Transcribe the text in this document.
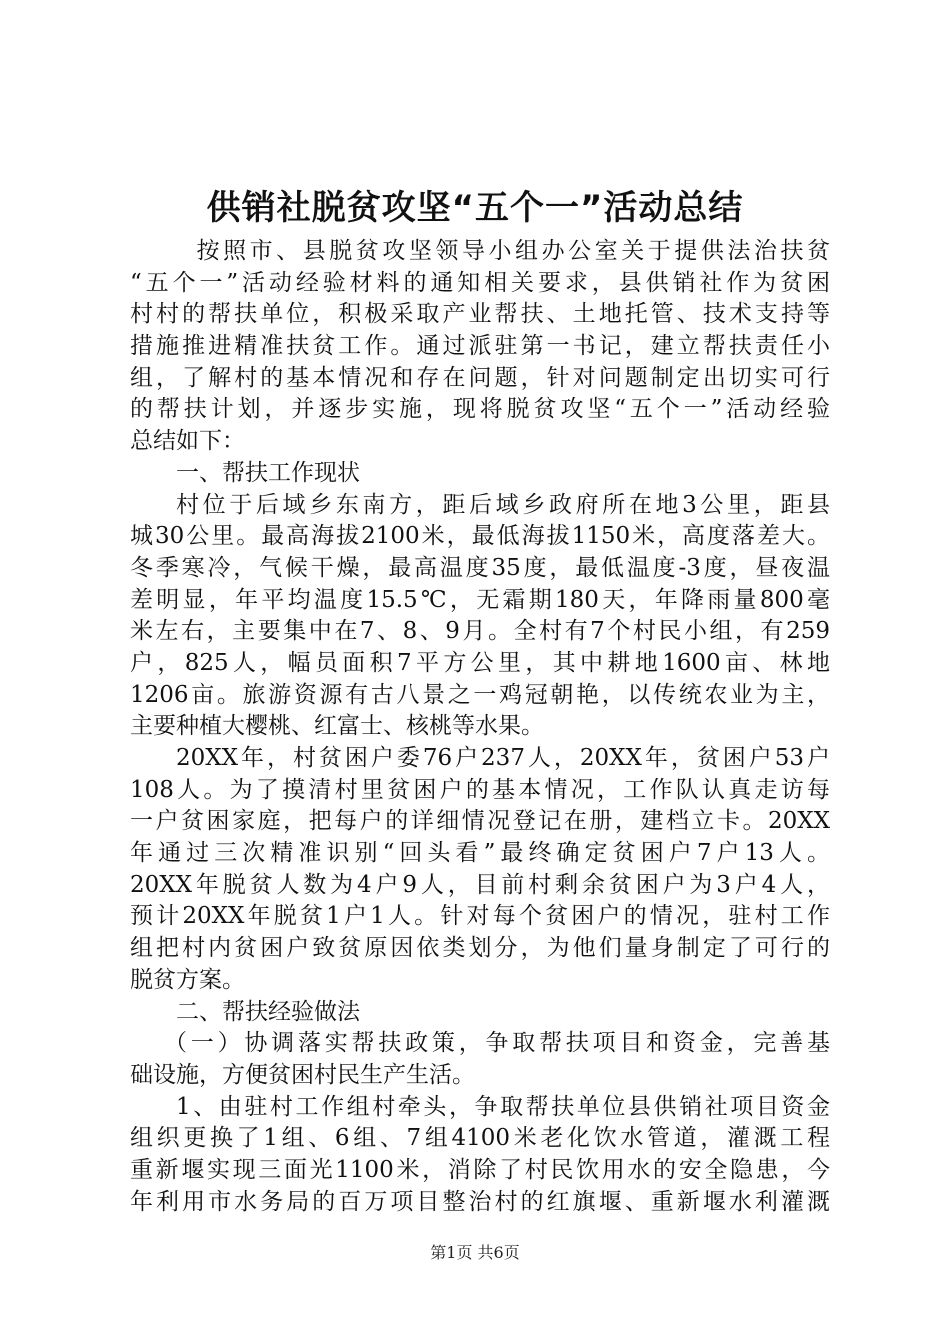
供销社脱贫攻坚“五个一”活动总结
　按照市、县脱贫攻坚领导小组办公室关于提供法治扶贫
“五个一”活动经验材料的通知相关要求，县供销社作为贫困
村村的帮扶单位，积极采取产业帮扶、土地托管、技术支持等
措施推进精准扶贫工作。通过派驻第一书记，建立帮扶责任小
组，了解村的基本情况和存在问题，针对问题制定出切实可行
的帮扶计划，并逐步实施，现将脱贫攻坚“五个一”活动经验
总结如下：
一、帮扶工作现状
村位于后域乡东南方，距后域乡政府所在地3公里，距县
城30公里。最高海拔2100米，最低海拔1150米，高度落差大。
冬季寒冷，气候干燥，最高温度35度，最低温度-3度，昼夜温
差明显，年平均温度15.5℃，无霜期180天，年降雨量800毫
米左右，主要集中在7、8、9月。全村有7个村民小组，有259
户，825人，幅员面积7平方公里，其中耕地1600亩、林地
1206亩。旅游资源有古八景之一鸡冠朝艳，以传统农业为主，
主要种植大樱桃、红富士、核桃等水果。
20XX年，村贫困户委76户237人，20XX年，贫困户53户
108人。为了摸清村里贫困户的基本情况，工作队认真走访每
一户贫困家庭，把每户的详细情况登记在册，建档立卡。20XX
年通过三次精准识别“回头看”最终确定贫困户7户13人。
20XX年脱贫人数为4户9人，目前村剩余贫困户为3户4人，
预计20XX年脱贫1户1人。针对每个贫困户的情况，驻村工作
组把村内贫困户致贫原因依类划分，为他们量身制定了可行的
脱贫方案。
二、帮扶经验做法
（一）协调落实帮扶政策，争取帮扶项目和资金，完善基
础设施，方便贫困村民生产生活。
1、由驻村工作组村牵头，争取帮扶单位县供销社项目资金
组织更换了1组、6组、7组4100米老化饮水管道，灌溉工程
重新堰实现三面光1100米，消除了村民饮用水的安全隐患，今
年利用市水务局的百万项目整治村的红旗堰、重新堰水利灌溉
第1页 共6页
